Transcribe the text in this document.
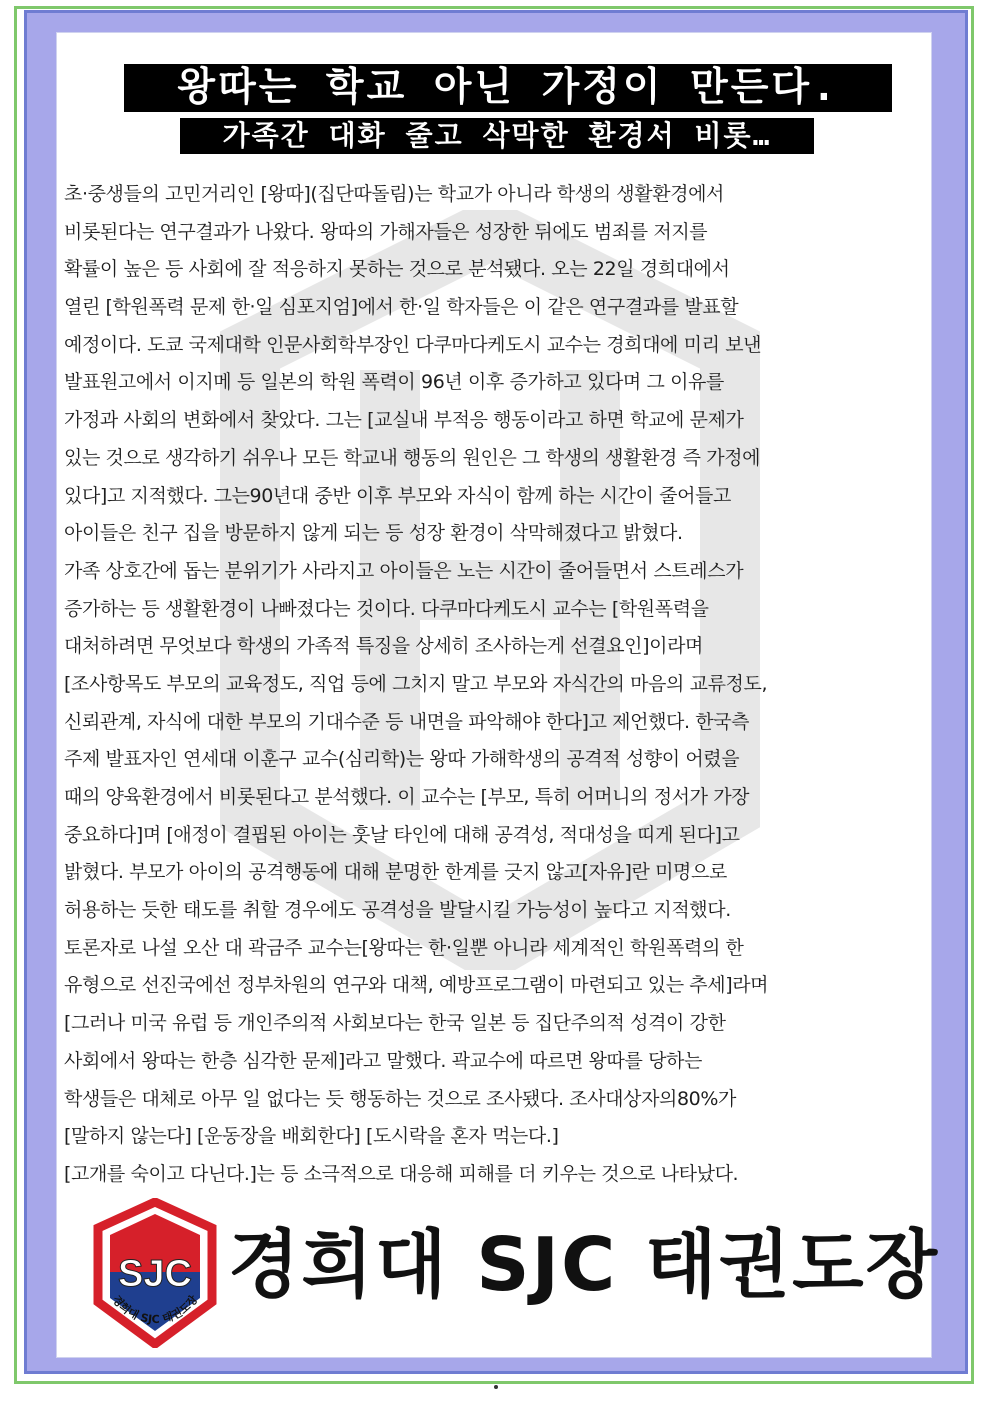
왕따는 학교 아닌 가정이 만든다.
가족간 대화 줄고 삭막한 환경서 비롯…
초·중생들의 고민거리인 [왕따](집단따돌림)는 학교가 아니라 학생의 생활환경에서
비롯된다는 연구결과가 나왔다. 왕따의 가해자들은 성장한 뒤에도 범죄를 저지를
확률이 높은 등 사회에 잘 적응하지 못하는 것으로 분석됐다. 오는 22일 경희대에서
열린 [학원폭력 문제 한·일 심포지엄]에서 한·일 학자들은 이 같은 연구결과를 발표할
예정이다. 도쿄 국제대학 인문사회학부장인 다쿠마다케도시 교수는 경희대에 미리 보낸
발표원고에서 이지메 등 일본의 학원 폭력이 96년 이후 증가하고 있다며 그 이유를
가정과 사회의 변화에서 찾았다. 그는 [교실내 부적응 행동이라고 하면 학교에 문제가
있는 것으로 생각하기 쉬우나 모든 학교내 행동의 원인은 그 학생의 생활환경 즉 가정에
있다]고 지적했다. 그는90년대 중반 이후 부모와 자식이 함께 하는 시간이 줄어들고
아이들은 친구 집을 방문하지 않게 되는 등 성장 환경이 삭막해졌다고 밝혔다.
가족 상호간에 돕는 분위기가 사라지고 아이들은 노는 시간이 줄어들면서 스트레스가
증가하는 등 생활환경이 나빠졌다는 것이다. 다쿠마다케도시 교수는 [학원폭력을
대처하려면 무엇보다 학생의 가족적 특징을 상세히 조사하는게 선결요인]이라며
[조사항목도 부모의 교육정도, 직업 등에 그치지 말고 부모와 자식간의 마음의 교류정도,
신뢰관계, 자식에 대한 부모의 기대수준 등 내면을 파악해야 한다]고 제언했다. 한국측
주제 발표자인 연세대 이훈구 교수(심리학)는 왕따 가해학생의 공격적 성향이 어렸을
때의 양육환경에서 비롯된다고 분석했다. 이 교수는 [부모, 특히 어머니의 정서가 가장
중요하다]며 [애정이 결핍된 아이는 훗날 타인에 대해 공격성, 적대성을 띠게 된다]고
밝혔다. 부모가 아이의 공격행동에 대해 분명한 한계를 긋지 않고[자유]란 미명으로
허용하는 듯한 태도를 취할 경우에도 공격성을 발달시킬 가능성이 높다고 지적했다.
토론자로 나설 오산 대 곽금주 교수는[왕따는 한·일뿐 아니라 세계적인 학원폭력의 한
유형으로 선진국에선 정부차원의 연구와 대책, 예방프로그램이 마련되고 있는 추세]라며
[그러나 미국 유럽 등 개인주의적 사회보다는 한국 일본 등 집단주의적 성격이 강한
사회에서 왕따는 한층 심각한 문제]라고 말했다. 곽교수에 따르면 왕따를 당하는
학생들은 대체로 아무 일 없다는 듯 행동하는 것으로 조사됐다. 조사대상자의80%가
[말하지 않는다] [운동장을 배회한다] [도시락을 혼자 먹는다.]
[고개를 숙이고 다닌다.]는 등 소극적으로 대응해 피해를 더 키우는 것으로 나타났다.
SJC
경희대 SJC 태권도장 경희대 SJC 태권도장
